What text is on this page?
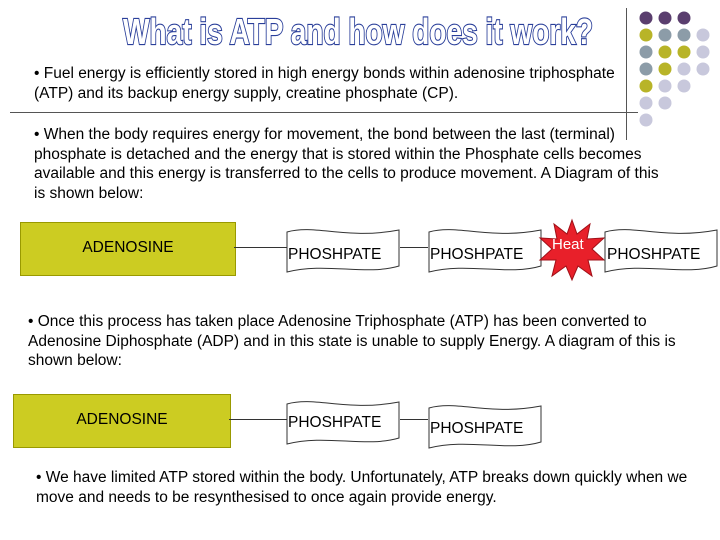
What is ATP and how does it work?

• Fuel energy is efficiently stored in high energy bonds within adenosine triphosphate (ATP) and its backup energy supply, creatine phosphate (CP).

• When the body requires energy for movement, the bond between the last (terminal) phosphate is detached and the energy that is stored within the Phosphate cells becomes available and this energy is transferred to the cells to produce movement. A Diagram of this is shown below:

ADENOSINE	PHOSHPATE	PHOSHPATE
Heat
PHOSHPATE

• Once this process has taken place Adenosine Triphosphate (ATP) has been converted to Adenosine Diphosphate (ADP) and in this state is unable to supply Energy. A diagram of this is shown below:

ADENOSINE	PHOSHPATE	PHOSHPATE

• We have limited ATP stored within the body. Unfortunately, ATP breaks down quickly when we move and needs to be resynthesised to once again provide energy.
